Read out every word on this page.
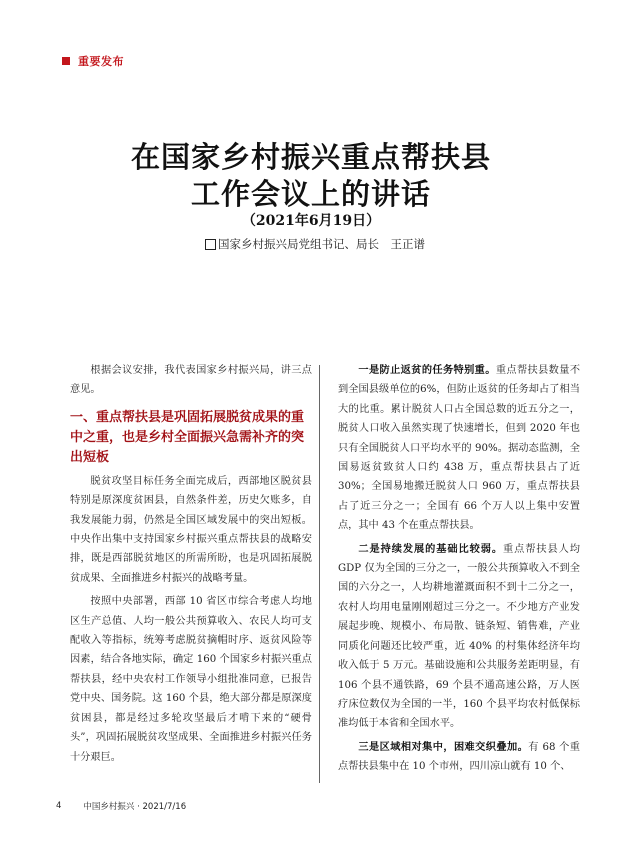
重要发布
在国家乡村振兴重点帮扶县
工作会议上的讲话
（2021年6月19日）
国家乡村振兴局党组书记、局长　王正谱

根据会议安排，我代表国家乡村振兴局，讲三点意见。

一、重点帮扶县是巩固拓展脱贫成果的重中之重，也是乡村全面振兴急需补齐的突出短板

脱贫攻坚目标任务全面完成后，西部地区脱贫县特别是原深度贫困县，自然条件差，历史欠账多，自我发展能力弱，仍然是全国区域发展中的突出短板。中央作出集中支持国家乡村振兴重点帮扶县的战略安排，既是西部脱贫地区的所需所盼，也是巩固拓展脱贫成果、全面推进乡村振兴的战略考量。

按照中央部署，西部 10 省区市综合考虑人均地区生产总值、人均一般公共预算收入、农民人均可支配收入等指标，统筹考虑脱贫摘帽时序、返贫风险等因素，结合各地实际，确定 160 个国家乡村振兴重点帮扶县，经中央农村工作领导小组批准同意，已报告党中央、国务院。这 160 个县，绝大部分都是原深度贫困县，都是经过多轮攻坚最后才啃下来的“硬骨头”，巩固拓展脱贫攻坚成果、全面推进乡村振兴任务十分艰巨。

一是防止返贫的任务特别重。重点帮扶县数量不到全国县级单位的6%，但防止返贫的任务却占了相当大的比重。累计脱贫人口占全国总数的近五分之一，脱贫人口收入虽然实现了快速增长，但到 2020 年也只有全国脱贫人口平均水平的 90%。据动态监测，全国易返贫致贫人口约 438 万，重点帮扶县占了近 30%；全国易地搬迁脱贫人口 960 万，重点帮扶县占了近三分之一；全国有 66 个万人以上集中安置点，其中 43 个在重点帮扶县。

二是持续发展的基础比较弱。重点帮扶县人均 GDP 仅为全国的三分之一，一般公共预算收入不到全国的六分之一，人均耕地灌溉面积不到十二分之一，农村人均用电量刚刚超过三分之一。不少地方产业发展起步晚、规模小、布局散、链条短、销售难，产业同质化问题还比较严重，近 40% 的村集体经济年均收入低于 5 万元。基础设施和公共服务差距明显，有 106 个县不通铁路，69 个县不通高速公路，万人医疗床位数仅为全国的一半，160 个县平均农村低保标准均低于本省和全国水平。

三是区域相对集中，困难交织叠加。有 68 个重点帮扶县集中在 10 个市州，四川凉山就有 10 个、

4	中国乡村振兴 · 2021/7/16
